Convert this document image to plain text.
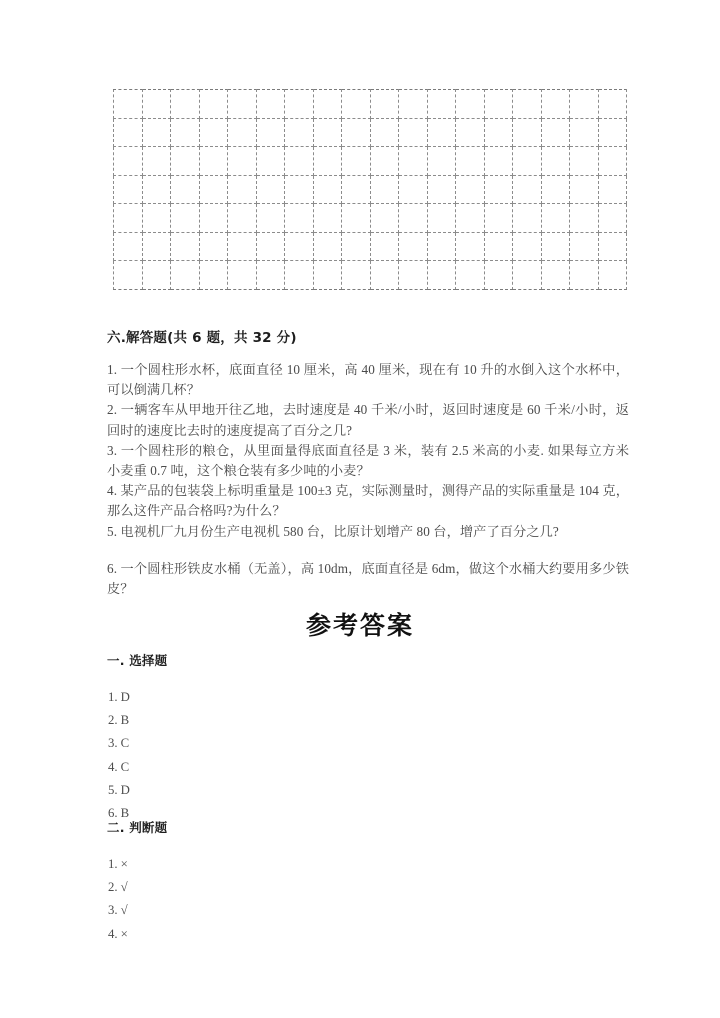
六.解答题(共 6 题，共 32 分)

1. 一个圆柱形水杯，底面直径 10 厘米，高 40 厘米，现在有 10 升的水倒入这个水杯中，可以倒满几杯？

2. 一辆客车从甲地开往乙地，去时速度是 40 千米/小时，返回时速度是 60 千米/小时，返回时的速度比去时的速度提高了百分之几?

3. 一个圆柱形的粮仓，从里面量得底面直径是 3 米，装有 2.5 米高的小麦. 如果每立方米小麦重 0.7 吨，这个粮仓装有多少吨的小麦？

4. 某产品的包装袋上标明重量是 100±3 克，实际测量时，测得产品的实际重量是 104 克，那么这件产品合格吗?为什么？

5. 电视机厂九月份生产电视机 580 台，比原计划增产 80 台，增产了百分之几?

6. 一个圆柱形铁皮水桶（无盖），高 10dm，底面直径是 6dm，做这个水桶大约要用多少铁皮？

参考答案
一. 选择题
1. D
2. B
3. C
4. C
5. D
6. B
二. 判断题
1. ×
2. √
3. √
4. ×
